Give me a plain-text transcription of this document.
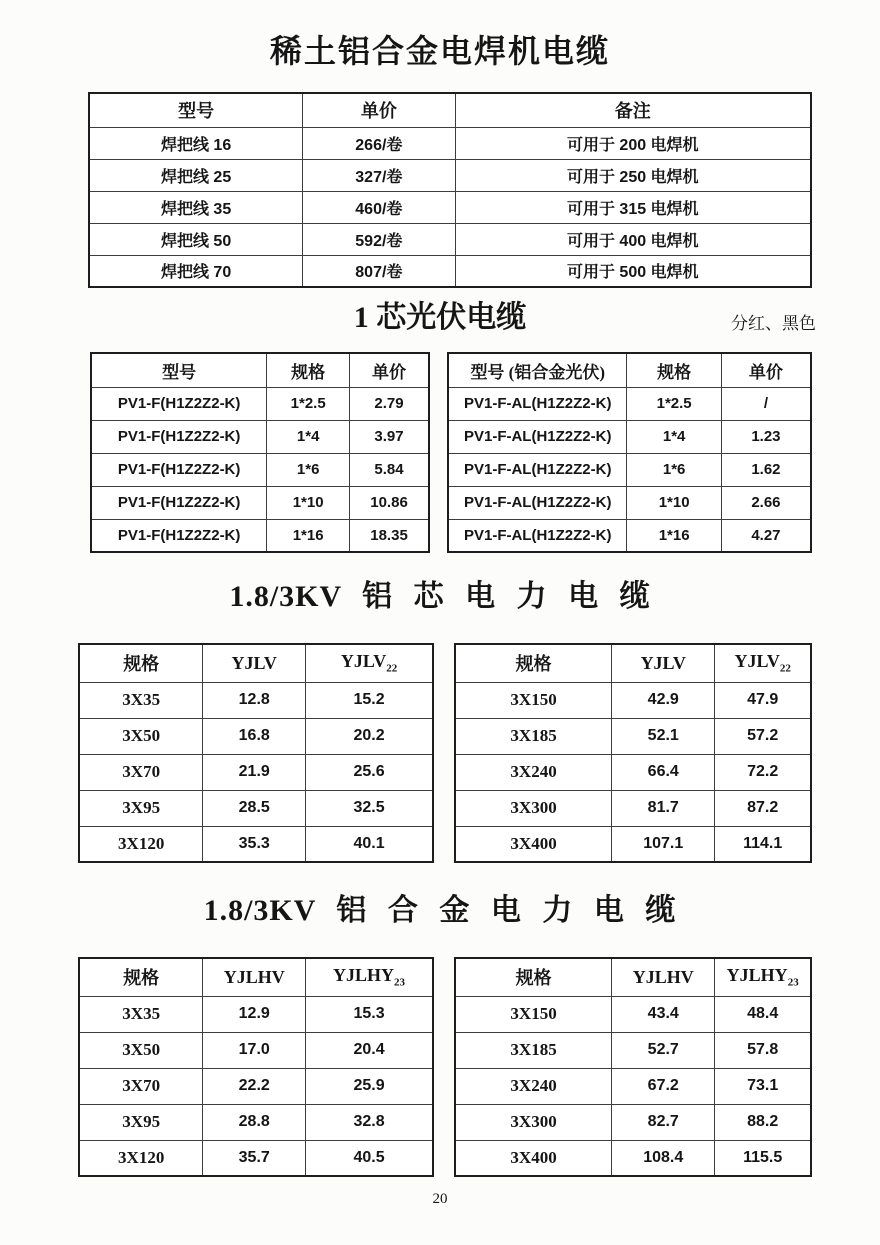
稀土铝合金电焊机电缆
型号	单价	备注
焊把线 16	266/卷	可用于 200 电焊机
焊把线 25	327/卷	可用于 250 电焊机
焊把线 35	460/卷	可用于 315 电焊机
焊把线 50	592/卷	可用于 400 电焊机
焊把线 70	807/卷	可用于 500 电焊机
1 芯光伏电缆	分红、黑色
型号	规格	单价
PV1-F(H1Z2Z2-K)	1*2.5	2.79
PV1-F(H1Z2Z2-K)	1*4	3.97
PV1-F(H1Z2Z2-K)	1*6	5.84
PV1-F(H1Z2Z2-K)	1*10	10.86
PV1-F(H1Z2Z2-K)	1*16	18.35
型号 (铝合金光伏)	规格	单价
PV1-F-AL(H1Z2Z2-K)	1*2.5	/
PV1-F-AL(H1Z2Z2-K)	1*4	1.23
PV1-F-AL(H1Z2Z2-K)	1*6	1.62
PV1-F-AL(H1Z2Z2-K)	1*10	2.66
PV1-F-AL(H1Z2Z2-K)	1*16	4.27
1.8/3KV 铝 芯 电 力 电 缆
规格	YJLV	$YJLV_{22}$
3X35	12.8	15.2
3X50	16.8	20.2
3X70	21.9	25.6
3X95	28.5	32.5
3X120	35.3	40.1
规格	YJLV	$YJLV_{22}$
3X150	42.9	47.9
3X185	52.1	57.2
3X240	66.4	72.2
3X300	81.7	87.2
3X400	107.1	114.1
1.8/3KV 铝 合 金 电 力 电 缆
规格	YJLHV	$YJLHY_{23}$
3X35	12.9	15.3
3X50	17.0	20.4
3X70	22.2	25.9
3X95	28.8	32.8
3X120	35.7	40.5
规格	YJLHV	$YJLHY_{23}$
3X150	43.4	48.4
3X185	52.7	57.8
3X240	67.2	73.1
3X300	82.7	88.2
3X400	108.4	115.5
20
